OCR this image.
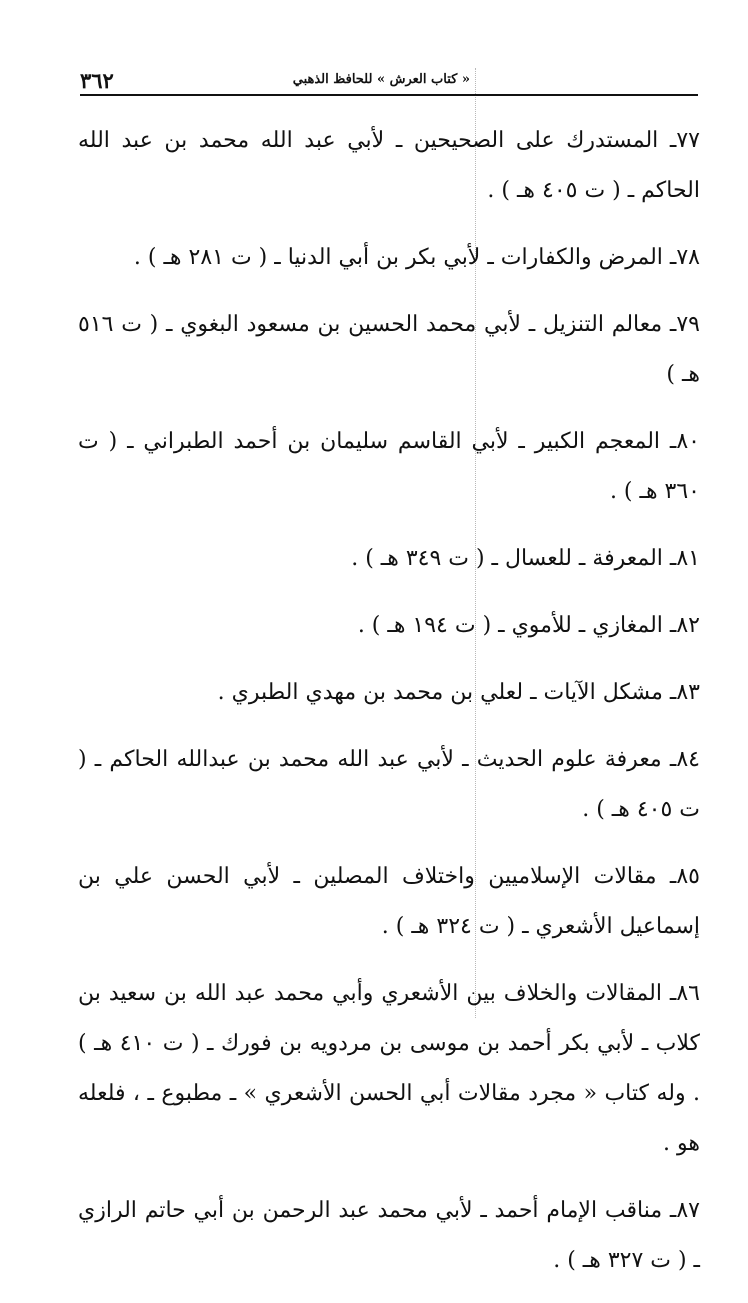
٣٦٢	« كتاب العرش » للحافظ الذهبي

٧٧ـ المستدرك على الصحيحين ـ لأبي عبد الله محمد بن عبد الله الحاكم ـ ( ت ٤٠٥ هـ ) .

٧٨ـ المرض والكفارات ـ لأبي بكر بن أبي الدنيا ـ ( ت ٢٨١ هـ ) .

٧٩ـ معالم التنزيل ـ لأبي محمد الحسين بن مسعود البغوي ـ ( ت ٥١٦ هـ )

٨٠ـ المعجم الكبير ـ لأبي القاسم سليمان بن أحمد الطبراني ـ ( ت ٣٦٠ هـ ) .

٨١ـ المعرفة ـ للعسال ـ ( ت ٣٤٩ هـ ) .

٨٢ـ المغازي ـ للأموي ـ ( ت ١٩٤ هـ ) .

٨٣ـ مشكل الآيات ـ لعلي بن محمد بن مهدي الطبري .

٨٤ـ معرفة علوم الحديث ـ لأبي عبد الله محمد بن عبدالله الحاكم ـ ( ت ٤٠٥ هـ ) .

٨٥ـ مقالات الإسلاميين واختلاف المصلين ـ لأبي الحسن علي بن إسماعيل الأشعري ـ ( ت ٣٢٤ هـ ) .

٨٦ـ المقالات والخلاف بين الأشعري وأبي محمد عبد الله بن سعيد بن كلاب ـ لأبي بكر أحمد بن موسى بن مردويه بن فورك ـ ( ت ٤١٠ هـ ) . وله كتاب « مجرد مقالات أبي الحسن الأشعري » ـ مطبوع ـ ، فلعله هو .

٨٧ـ مناقب الإمام أحمد ـ لأبي محمد عبد الرحمن بن أبي حاتم الرازي ـ ( ت ٣٢٧ هـ ) .
